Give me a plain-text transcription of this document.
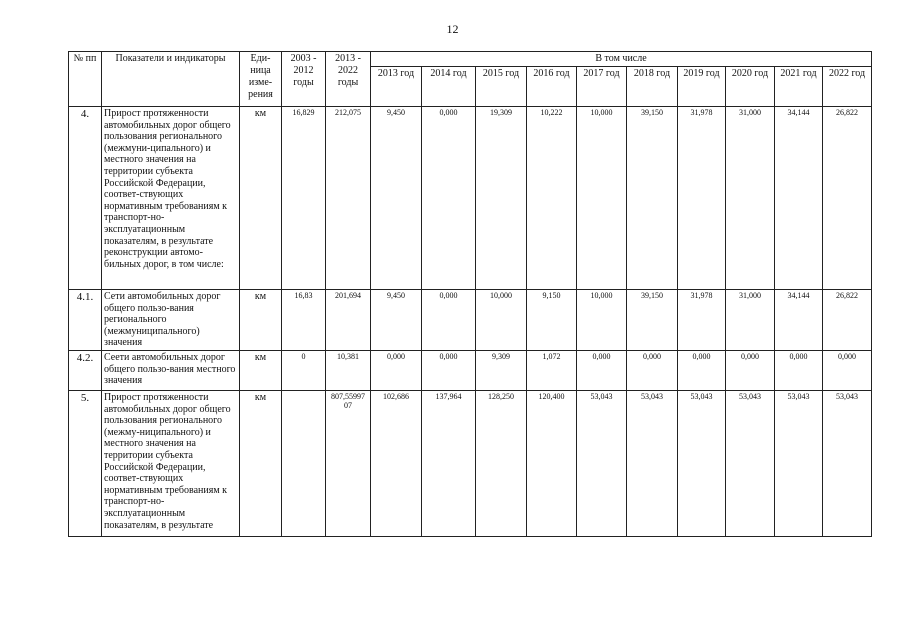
12
№ пп	Показатели и индикаторы	Еди-ница изме-рения	2003 - 2012 годы	2013 - 2022 годы	В том числе									
					2013 год	2014 год	2015 год	2016 год	2017 год	2018 год	2019 год	2020 год	2021 год	2022 год
4.	Прирост протяженности автомобильных дорог общего пользования регионального (межмуни-ципального) и местного значения на территории субъекта Российской Федерации, соответ-ствующих нормативным требованиям к транспорт-но-эксплуатационным показателям, в результате реконструкции автомо-бильных дорог, в том числе:	км	16,829	212,075	9,450	0,000	19,309	10,222	10,000	39,150	31,978	31,000	34,144	26,822
4.1.	Сети автомобильных дорог общего пользо-вания регионального (межмуниципального) значения	км	16,83	201,694	9,450	0,000	10,000	9,150	10,000	39,150	31,978	31,000	34,144	26,822
4.2.	Сеети автомобильных дорог общего пользо-вания местного значения	км	0	10,381	0,000	0,000	9,309	1,072	0,000	0,000	0,000	0,000	0,000	0,000
5.	Прирост протяженности автомобильных дорог общего пользования регионального (межму-ниципального) и местного значения на территории субъекта Российской Федерации, соответ-ствующих нормативным требованиям к транспорт-но-эксплуатационным показателям, в результате	км		807,55997 07	102,686	137,964	128,250	120,400	53,043	53,043	53,043	53,043	53,043	53,043
